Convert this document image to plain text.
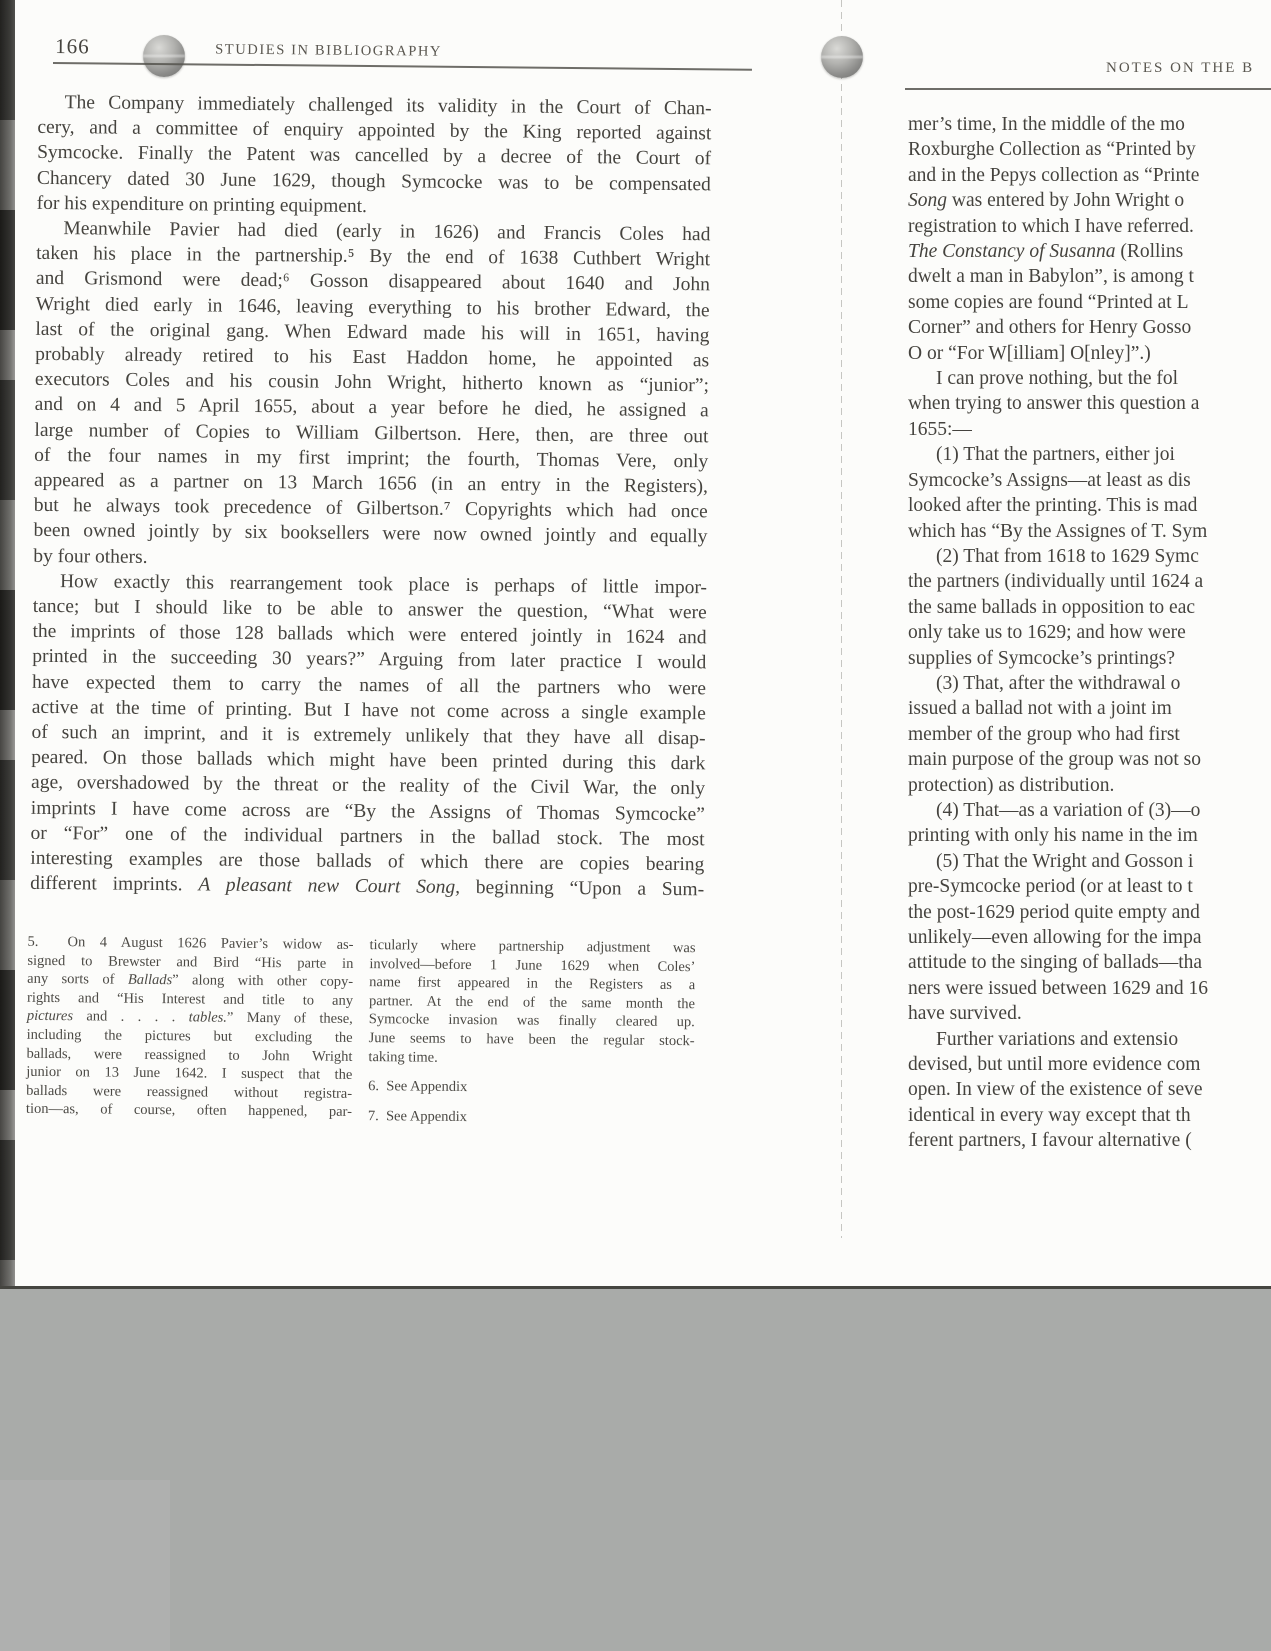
166	STUDIES IN BIBLIOGRAPHY
The Company immediately challenged its validity in the Court of Chan-
cery, and a committee of enquiry appointed by the King reported against
Symcocke. Finally the Patent was cancelled by a decree of the Court of
Chancery dated 30 June 1629, though Symcocke was to be compensated
for his expenditure on printing equipment.
Meanwhile Pavier had died (early in 1626) and Francis Coles had
taken his place in the partnership.⁵ By the end of 1638 Cuthbert Wright
and Grismond were dead;⁶ Gosson disappeared about 1640 and John
Wright died early in 1646, leaving everything to his brother Edward, the
last of the original gang. When Edward made his will in 1651, having
probably already retired to his East Haddon home, he appointed as
executors Coles and his cousin John Wright, hitherto known as “junior”;
and on 4 and 5 April 1655, about a year before he died, he assigned a
large number of Copies to William Gilbertson. Here, then, are three out
of the four names in my first imprint; the fourth, Thomas Vere, only
appeared as a partner on 13 March 1656 (in an entry in the Registers),
but he always took precedence of Gilbertson.⁷ Copyrights which had once
been owned jointly by six booksellers were now owned jointly and equally
by four others.
How exactly this rearrangement took place is perhaps of little impor-
tance; but I should like to be able to answer the question, “What were
the imprints of those 128 ballads which were entered jointly in 1624 and
printed in the succeeding 30 years?” Arguing from later practice I would
have expected them to carry the names of all the partners who were
active at the time of printing. But I have not come across a single example
of such an imprint, and it is extremely unlikely that they have all disap-
peared. On those ballads which might have been printed during this dark
age, overshadowed by the threat or the reality of the Civil War, the only
imprints I have come across are “By the Assigns of Thomas Symcocke”
or “For” one of the individual partners in the ballad stock. The most
interesting examples are those ballads of which there are copies bearing
different imprints. A pleasant new Court Song, beginning “Upon a Sum-
5.  On 4 August 1626 Pavier’s widow as-
signed to Brewster and Bird “His parte in
any sorts of Ballads” along with other copy-
rights and “His Interest and title to any
pictures and . . . . tables.” Many of these,
including the pictures but excluding the
ballads, were reassigned to John Wright
junior on 13 June 1642. I suspect that the
ballads were reassigned without registra-
tion—as, of course, often happened, par-
ticularly where partnership adjustment was
involved—before 1 June 1629 when Coles’
name first appeared in the Registers as a
partner. At the end of the same month the
Symcocke invasion was finally cleared up.
June seems to have been the regular stock-
taking time.
6.  See Appendix
7.  See Appendix
NOTES ON THE B
mer’s time, In the middle of the mo
Roxburghe Collection as “Printed by
and in the Pepys collection as “Printe
Song was entered by John Wright o
registration to which I have referred.
The Constancy of Susanna (Rollins
dwelt a man in Babylon”, is among t
some copies are found “Printed at L
Corner” and others for Henry Gosso
O or “For W[illiam] O[nley]”.)
I can prove nothing, but the fol
when trying to answer this question a
1655:—
(1) That the partners, either joi
Symcocke’s Assigns—at least as dis
looked after the printing. This is mad
which has “By the Assignes of T. Sym
(2) That from 1618 to 1629 Symc
the partners (individually until 1624 a
the same ballads in opposition to eac
only take us to 1629; and how were
supplies of Symcocke’s printings?
(3) That, after the withdrawal o
issued a ballad not with a joint im
member of the group who had first
main purpose of the group was not so
protection) as distribution.
(4) That—as a variation of (3)—o
printing with only his name in the im
(5) That the Wright and Gosson i
pre-Symcocke period (or at least to t
the post-1629 period quite empty and
unlikely—even allowing for the impa
attitude to the singing of ballads—tha
ners were issued between 1629 and 16
have survived.
Further variations and extensio
devised, but until more evidence com
open. In view of the existence of seve
identical in every way except that th
ferent partners, I favour alternative (
